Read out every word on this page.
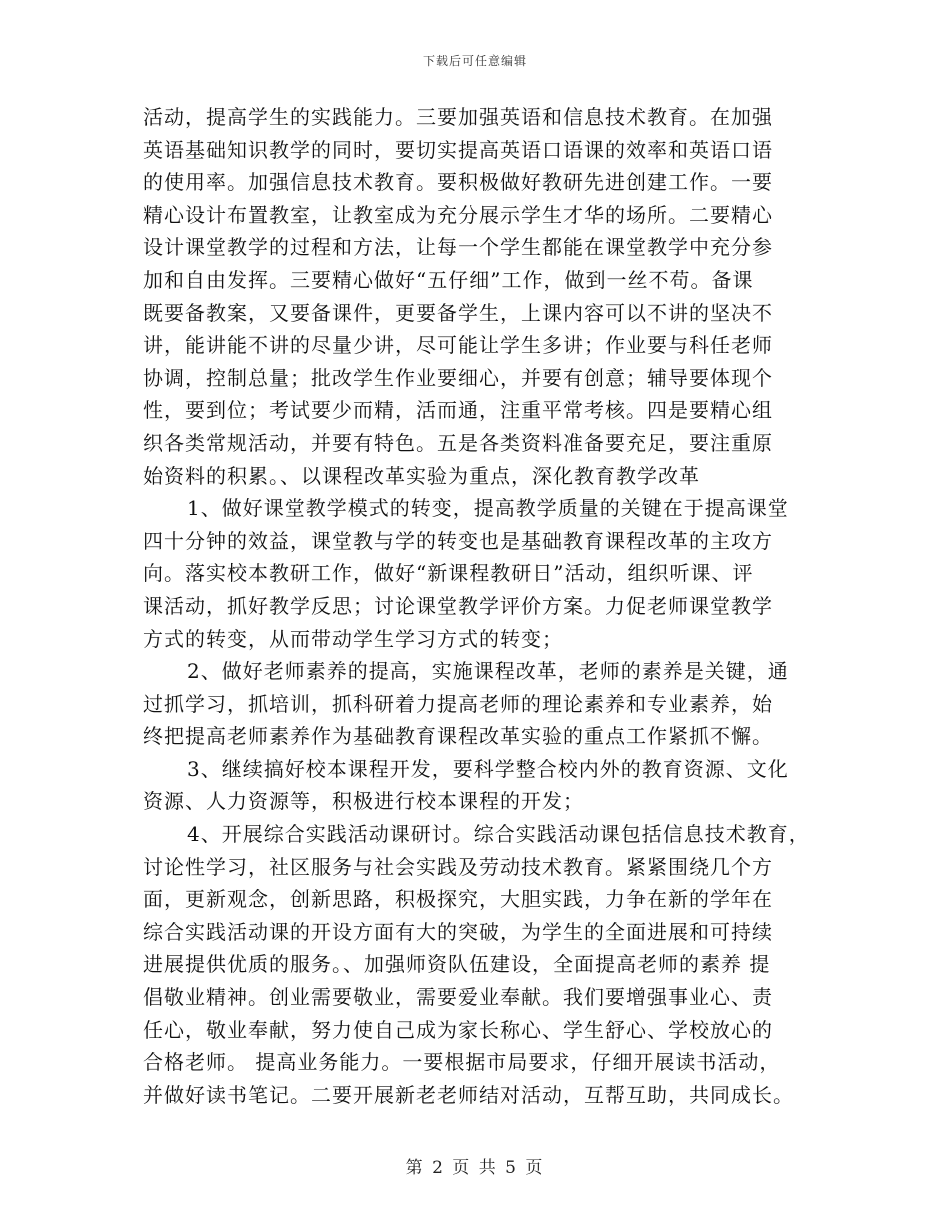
下载后可任意编辑
活动，提高学生的实践能力。三要加强英语和信息技术教育。在加强
英语基础知识教学的同时，要切实提高英语口语课的效率和英语口语
的使用率。加强信息技术教育。要积极做好教研先进创建工作。一要
精心设计布置教室，让教室成为充分展示学生才华的场所。二要精心
设计课堂教学的过程和方法，让每一个学生都能在课堂教学中充分参
加和自由发挥。三要精心做好“五仔细”工作，做到一丝不苟。备课
既要备教案，又要备课件，更要备学生，上课内容可以不讲的坚决不
讲，能讲能不讲的尽量少讲，尽可能让学生多讲；作业要与科任老师
协调，控制总量；批改学生作业要细心，并要有创意；辅导要体现个
性，要到位；考试要少而精，活而通，注重平常考核。四是要精心组
织各类常规活动，并要有特色。五是各类资料准备要充足，要注重原
始资料的积累。、以课程改革实验为重点，深化教育教学改革
1、做好课堂教学模式的转变，提高教学质量的关键在于提高课堂
四十分钟的效益，课堂教与学的转变也是基础教育课程改革的主攻方
向。落实校本教研工作，做好“新课程教研日”活动，组织听课、评
课活动，抓好教学反思；讨论课堂教学评价方案。力促老师课堂教学
方式的转变，从而带动学生学习方式的转变；
2、做好老师素养的提高，实施课程改革，老师的素养是关键，通
过抓学习，抓培训，抓科研着力提高老师的理论素养和专业素养，始
终把提高老师素养作为基础教育课程改革实验的重点工作紧抓不懈。
3、继续搞好校本课程开发，要科学整合校内外的教育资源、文化
资源、人力资源等，积极进行校本课程的开发；
4、开展综合实践活动课研讨。综合实践活动课包括信息技术教育，
讨论性学习，社区服务与社会实践及劳动技术教育。紧紧围绕几个方
面，更新观念，创新思路，积极探究，大胆实践，力争在新的学年在
综合实践活动课的开设方面有大的突破，为学生的全面进展和可持续
进展提供优质的服务。、加强师资队伍建设，全面提高老师的素养 提
倡敬业精神。创业需要敬业，需要爱业奉献。我们要增强事业心、责
任心，敬业奉献，努力使自己成为家长称心、学生舒心、学校放心的
合格老师。 提高业务能力。一要根据市局要求，仔细开展读书活动，
并做好读书笔记。二要开展新老老师结对活动，互帮互助，共同成长。
第 2 页 共 5 页
